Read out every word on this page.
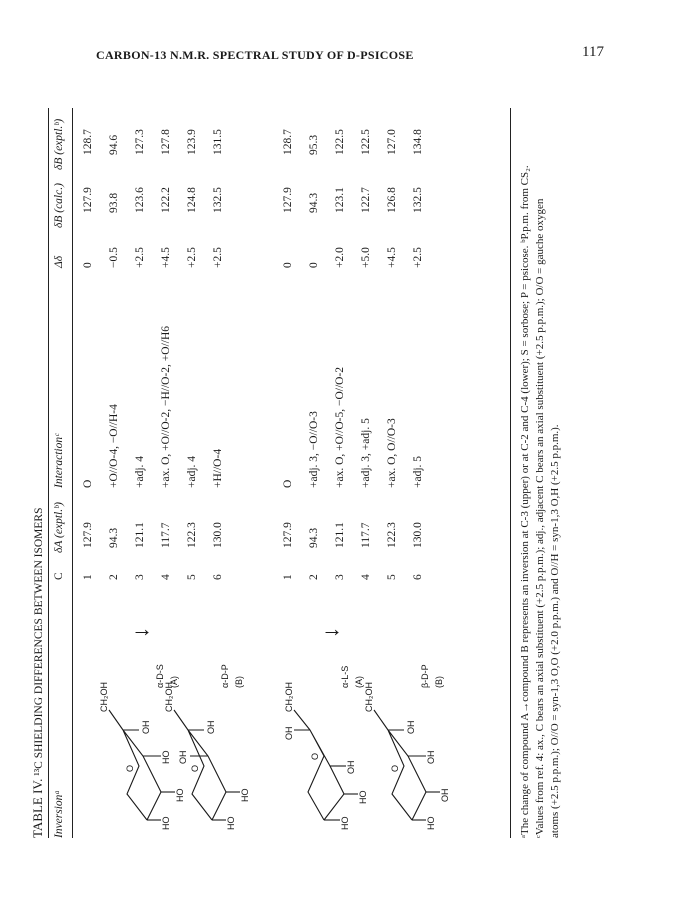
CARBON-13 N.M.R. SPECTRAL STUDY OF D-PSICOSE	117
TABLE IV. ¹³C SHIELDING DIFFERENCES BETWEEN ISOMERS
Inversionᵃ
C
δA (exptl.ᵇ)
Interactionᶜ
Δδ
δB (calc.)
δB (exptl.ᵇ)
O
CH₂OH
OH
HO
HO
HO
α-D-S (A)
↓
O
CH₂OH
OH
OH
HO
HO
α-D-P (B)
1
127.9
O
0
127.9
128.7
2
94.3
+O//O-4, −O//H-4
−0.5
93.8
94.6
3
121.1
+adj. 4
+2.5
123.6
127.3
4
117.7
+ax. O, +O//O-2, −H//O-2, +O//H6
+4.5
122.2
127.8
5
122.3
+adj. 4
+2.5
124.8
123.9
6
130.0
+H//O-4
+2.5
132.5
131.5
O
CH₂OH
OH
OH
HO
HO
α-L-S (A)
↓
O
CH₂OH
OH
OH
OH
HO
β-D-P (B)
1
127.9
O
0
127.9
128.7
2
94.3
+adj. 3, −O//O-3
0
94.3
95.3
3
121.1
+ax. O, +O//O-5, −O//O-2
+2.0
123.1
122.5
4
117.7
+adj. 3, +adj. 5
+5.0
122.7
122.5
5
122.3
+ax. O, O//O-3
+4.5
126.8
127.0
6
130.0
+adj. 5
+2.5
132.5
134.8
ᵃThe change of compound A→compound B represents an inversion at C-3 (upper) or at C-2 and C-4 (lower); S = sorbose; P = psicose. ᵇP.p.m. from CS₂. ᶜValues from ref. 4: ax., C bears an axial substituent (+2.5 p.p.m.); adj., adjacent C bears an axial substituent (+2.5 p.p.m.); O/O = gauche oxygen atoms (+2.5 p.p.m.); O//O = syn-1,3 O,O (+2.0 p.p.m.) and O//H = syn-1,3 O,H (+2.5 p.p.m.).
